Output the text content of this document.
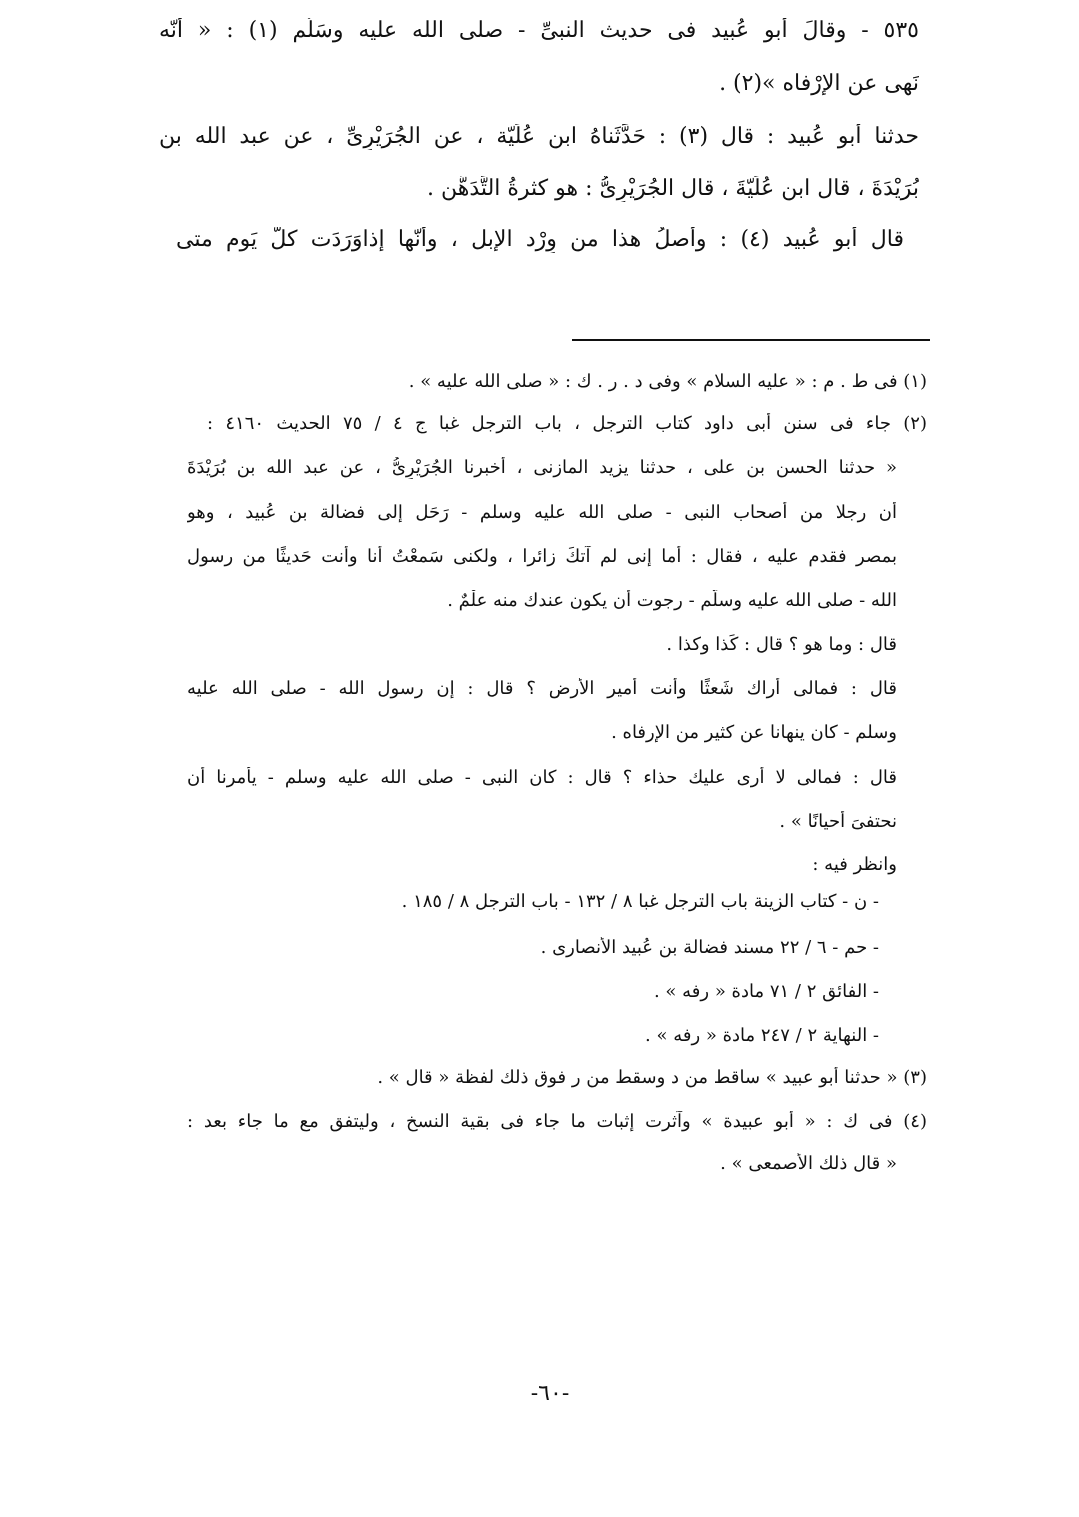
٥٣٥ - وقالَ أبو عُبيد فى حديث النبىِّ - صلى الله عليه وسَلّم (١) : « أنّه
نَهى عن الإرْفاه »(٢) .
حدثنا أبو عُبيد : قال (٣) : حَدَّثَناهُ ابن عُلَيّة ، عن الجُرَيْرِىِّ ، عن عبد الله بن
بُرَيْدَةَ ، قال ابن عُلَيّةَ ، قال الجُرَيْرِىُّ : هو كثرةُ التَّدَهُّنِ .
قال أبو عُبيد (٤) : وأصلُ هذا من وِرْد الإبل ، وأنّها إذاوَرَدَت كلَّ يَوم متى
(١) فى ط . م : « عليه السلام » وفى د . ر . ك : « صلى الله عليه » .
(٢) جاء فى سنن أبى داود كتاب الترجل ، باب الترجل غبا ج ٤ / ٧٥ الحديث ٤١٦٠ :
« حدثنا الحسن بن على ، حدثنا يزيد المازنى ، أخبرنا الجُرَيْرِىُّ ، عن عبد الله بن بُرَيْدَةَ
أن رجلا من أصحاب النبى - صلى الله عليه وسلم - رَحَل إلى فضالة بن عُبيد ، وهو
بمصر فقدم عليه ، فقال : أما إنى لم آتكَ زائرا ، ولكنى سَمعْتُ أنا وأنت حَديثًا من رسول
الله - صلى الله عليه وسلّم - رجوت أن يكون عندك منه علْمٌ .
قال : وما هو ؟ قال : كَذا وكذا .
قال : فمالى أراك شَعثًا وأنت أمير الأرض ؟ قال : إن رسول الله - صلى الله عليه
وسلم - كان ينهانا عن كثير من الإرفاه .
قال : فمالى لا أرى عليك حذاء ؟ قال : كان النبى - صلى الله عليه وسلم - يأمرنا أن
نحتفىَ أحيانًا » .
وانظر فيه :
- ن - كتاب الزينة باب الترجل غبا ٨ / ١٣٢ - باب الترجل ٨ / ١٨٥ .
- حم - ٦ / ٢٢ مسند فضالة بن عُبيد الأنصارى .
- الفائق ٢ / ٧١ مادة « رفه » .
- النهاية ٢ / ٢٤٧ مادة « رفه » .
(٣) « حدثنا أبو عبيد » ساقط من د وسقط من ر فوق ذلك لفظة « قال » .
(٤) فى ك : « أبو عبيدة » وآثرت إثبات ما جاء فى بقية النسخ ، وليتفق مع ما جاء بعد :
« قال ذلك الأصمعى » .
-٦٠-
